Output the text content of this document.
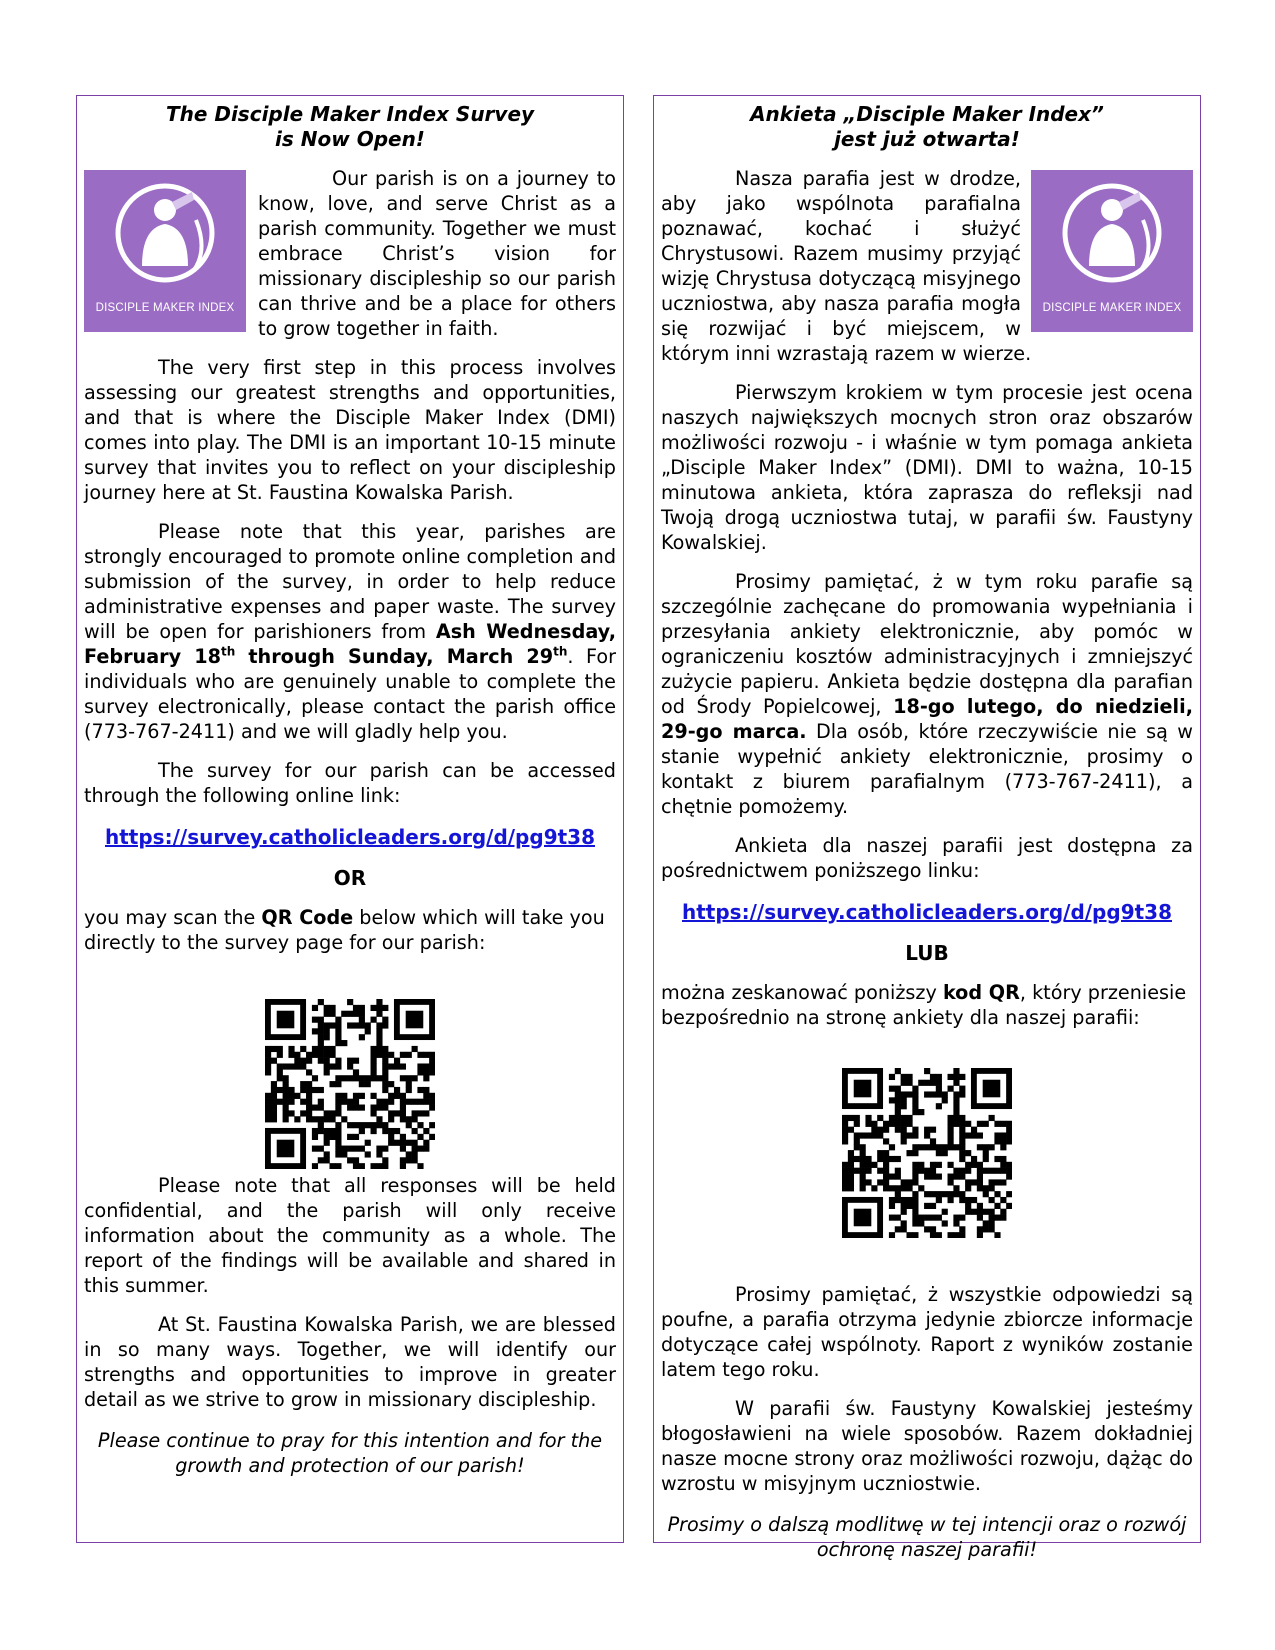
The Disciple Maker Index Survey
is Now Open!
DISCIPLE MAKER INDEX

Our parish is on a journey to know, love, and serve Christ as a parish community. Together we must embrace Christ’s vision for missionary discipleship so our parish can thrive and be a place for others to grow together in faith.

The very first step in this process involves assessing our greatest strengths and opportunities, and that is where the Disciple Maker Index (DMI) comes into play. The DMI is an important 10-15 minute survey that invites you to reflect on your discipleship journey here at St. Faustina Kowalska Parish.

Please note that this year, parishes are strongly encouraged to promote online completion and submission of the survey, in order to help reduce administrative expenses and paper waste. The survey will be open for parishioners from Ash Wednesday, February 18th through Sunday, March 29th. For individuals who are genuinely unable to complete the survey electronically, please contact the parish office (773-767-2411) and we will gladly help you.

The survey for our parish can be accessed through the following online link:

https://survey.catholicleaders.org/d/pg9t38
OR

you may scan the QR Code below which will take you directly to the survey page for our parish:

Please note that all responses will be held confidential, and the parish will only receive information about the community as a whole. The report of the findings will be available and shared in this summer.

At St. Faustina Kowalska Parish, we are blessed in so many ways. Together, we will identify our strengths and opportunities to improve in greater detail as we strive to grow in missionary discipleship.

Please continue to pray for this intention and for the growth and protection of our parish!
Ankieta „Disciple Maker Index”
jest już otwarta!
DISCIPLE MAKER INDEX

Nasza parafia jest w drodze, aby jako wspólnota parafialna poznawać, kochać i służyć Chrystusowi. Razem musimy przyjąć wizję Chrystusa dotyczącą misyjnego uczniostwa, aby nasza parafia mogła się rozwijać i być miejscem, w którym inni wzrastają razem w wierze.

Pierwszym krokiem w tym procesie jest ocena naszych największych mocnych stron oraz obszarów możliwości rozwoju - i właśnie w tym pomaga ankieta „Disciple Maker Index” (DMI). DMI to ważna, 10-15 minutowa ankieta, która zaprasza do refleksji nad Twoją drogą uczniostwa tutaj, w parafii św. Faustyny Kowalskiej.

Prosimy pamiętać, ż w tym roku parafie są szczególnie zachęcane do promowania wypełniania i przesyłania ankiety elektronicznie, aby pomóc w ograniczeniu kosztów administracyjnych i zmniejszyć zużycie papieru. Ankieta będzie dostępna dla parafian od Środy Popielcowej, 18-go lutego, do niedzieli, 29-go marca. Dla osób, które rzeczywiście nie są w stanie wypełnić ankiety elektronicznie, prosimy o kontakt z biurem parafialnym (773-767-2411), a chętnie pomożemy.

Ankieta dla naszej parafii jest dostępna za pośrednictwem poniższego linku:

https://survey.catholicleaders.org/d/pg9t38
LUB

można zeskanować poniższy kod QR, który przeniesie bezpośrednio na stronę ankiety dla naszej parafii:

Prosimy pamiętać, ż wszystkie odpowiedzi są poufne, a parafia otrzyma jedynie zbiorcze informacje dotyczące całej wspólnoty. Raport z wyników zostanie latem tego roku.

W parafii św. Faustyny Kowalskiej jesteśmy błogosławieni na wiele sposobów. Razem dokładniej nasze mocne strony oraz możliwości rozwoju, dążąc do wzrostu w misyjnym uczniostwie.

Prosimy o dalszą modlitwę w tej intencji oraz o rozwój ochronę naszej parafii!
